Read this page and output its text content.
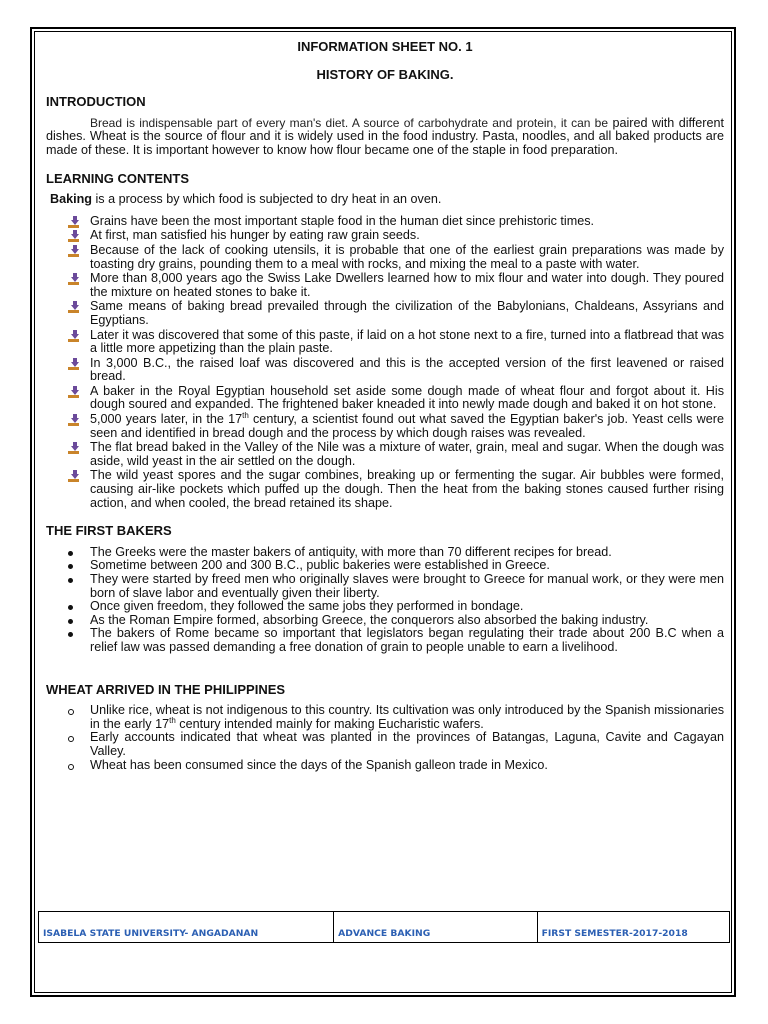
INFORMATION SHEET NO. 1
HISTORY OF BAKING.
INTRODUCTION
Bread is indispensable part of every man's diet. A source of carbohydrate and protein, it can be paired with different dishes. Wheat is the source of flour and it is widely used in the food industry. Pasta, noodles, and all baked products are made of these. It is important however to know how flour became one of the staple in food preparation.
LEARNING CONTENTS
Baking is a process by which food is subjected to dry heat in an oven.
Grains have been the most important staple food in the human diet since prehistoric times.
At first, man satisfied his hunger by eating raw grain seeds.
Because of the lack of cooking utensils, it is probable that one of the earliest grain preparations was made by toasting dry grains, pounding them to a meal with rocks, and mixing the meal to a paste with water.
More than 8,000 years ago the Swiss Lake Dwellers learned how to mix flour and water into dough. They poured the mixture on heated stones to bake it.
Same means of baking bread prevailed through the civilization of the Babylonians, Chaldeans, Assyrians and Egyptians.
Later it was discovered that some of this paste, if laid on a hot stone next to a fire, turned into a flatbread that was a little more appetizing than the plain paste.
In 3,000 B.C., the raised loaf was discovered and this is the accepted version of the first leavened or raised bread.
A baker in the Royal Egyptian household set aside some dough made of wheat flour and forgot about it. His dough soured and expanded. The frightened baker kneaded it into newly made dough and baked it on hot stone.
5,000 years later, in the 17th century, a scientist found out what saved the Egyptian baker's job. Yeast cells were seen and identified in bread dough and the process by which dough raises was revealed.
The flat bread baked in the Valley of the Nile was a mixture of water, grain, meal and sugar. When the dough was aside, wild yeast in the air settled on the dough.
The wild yeast spores and the sugar combines, breaking up or fermenting the sugar. Air bubbles were formed, causing air-like pockets which puffed up the dough. Then the heat from the baking stones caused further rising action, and when cooled, the bread retained its shape.
THE FIRST BAKERS
The Greeks were the master bakers of antiquity, with more than 70 different recipes for bread.
Sometime between 200 and 300 B.C., public bakeries were established in Greece.
They were started by freed men who originally slaves were brought to Greece for manual work, or they were men born of slave labor and eventually given their liberty.
Once given freedom, they followed the same jobs they performed in bondage.
As the Roman Empire formed, absorbing Greece, the conquerors also absorbed the baking industry.
The bakers of Rome became so important that legislators began regulating their trade about 200 B.C when a relief law was passed demanding a free donation of grain to people unable to earn a livelihood.
WHEAT ARRIVED IN THE PHILIPPINES
Unlike rice, wheat is not indigenous to this country. Its cultivation was only introduced by the Spanish missionaries in the early 17th century intended mainly for making Eucharistic wafers.
Early accounts indicated that wheat was planted in the provinces of Batangas, Laguna, Cavite and Cagayan Valley.
Wheat has been consumed since the days of the Spanish galleon trade in Mexico.
ISABELA STATE UNIVERSITY- ANGADANAN	ADVANCE BAKING	FIRST SEMESTER-2017-2018
